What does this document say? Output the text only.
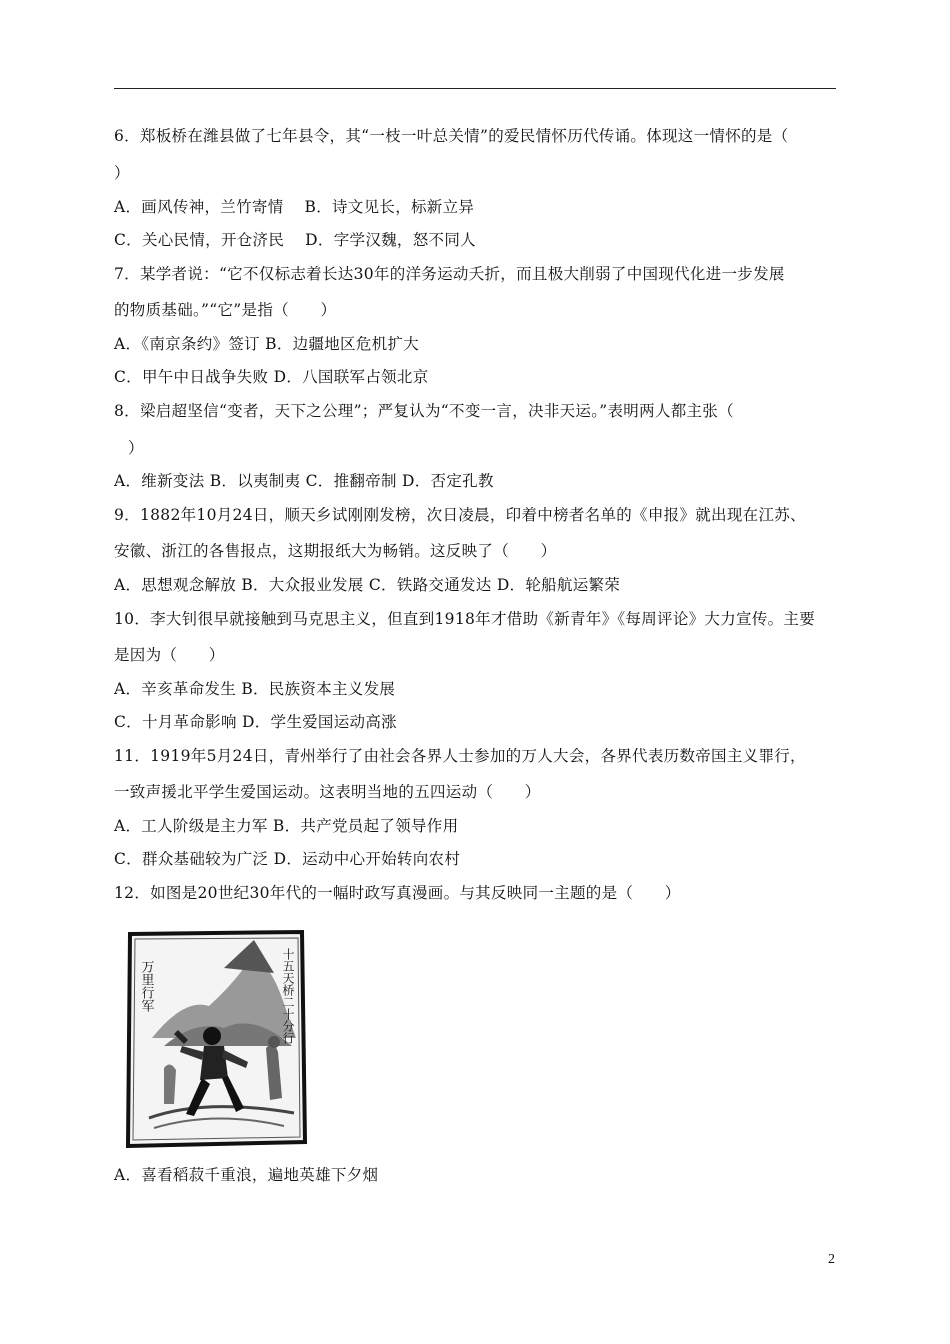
6．郑板桥在潍县做了七年县令，其“一枝一叶总关情”的爱民情怀历代传诵。体现这一情怀的是（
）
A．画风传神，兰竹寄情　 B．诗文见长，标新立异
C．关心民情，开仓济民　 D．字学汉魏，怒不同人
7．某学者说：“它不仅标志着长达30年的洋务运动夭折，而且极大削弱了中国现代化进一步发展
的物质基础。”“它”是指（　　）
A．《南京条约》签订 B．边疆地区危机扩大
C．甲午中日战争失败 D．八国联军占领北京
8．梁启超坚信“变者，天下之公理”；严复认为“不变一言，决非天运。”表明两人都主张（
）
A．维新变法 B．以夷制夷 C．推翻帝制 D．否定孔教
9．1882年10月24日，顺天乡试刚刚发榜，次日凌晨，印着中榜者名单的《申报》就出现在江苏、
安徽、浙江的各售报点，这期报纸大为畅销。这反映了（　　）
A．思想观念解放 B．大众报业发展 C．铁路交通发达 D．轮船航运繁荣
10．李大钊很早就接触到马克思主义，但直到1918年才借助《新青年》《每周评论》大力宣传。主要
是因为（　　）
A．辛亥革命发生 B．民族资本主义发展
C．十月革命影响 D．学生爱国运动高涨
11．1919年5月24日，青州举行了由社会各界人士参加的万人大会，各界代表历数帝国主义罪行，
一致声援北平学生爱国运动。这表明当地的五四运动（　　）
A．工人阶级是主力军 B．共产党员起了领导作用
C．群众基础较为广泛 D．运动中心开始转向农村
12．如图是20世纪30年代的一幅时政写真漫画。与其反映同一主题的是（　　）
万里行军	十五天桥二十分行
A．喜看稻菽千重浪，遍地英雄下夕烟
2
